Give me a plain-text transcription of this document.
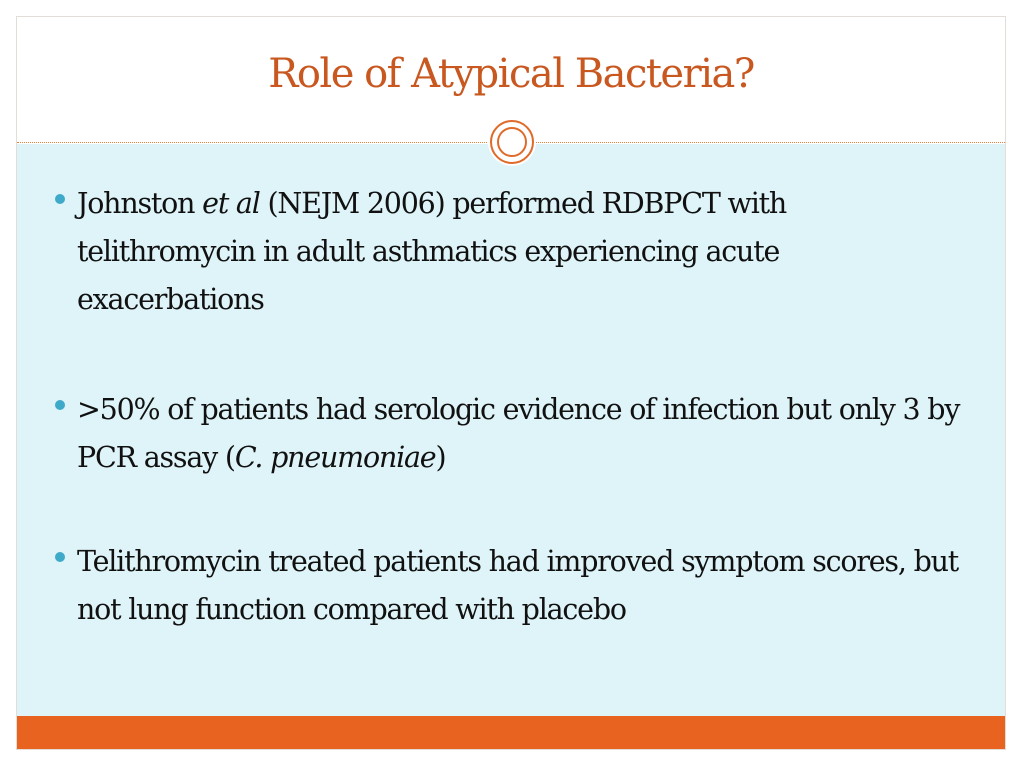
Role of Atypical Bacteria?
Johnston et al (NEJM 2006) performed RDBPCT with telithromycin in adult asthmatics experiencing acute exacerbations
>50% of patients had serologic evidence of infection but only 3 by PCR assay (C. pneumoniae)
Telithromycin treated patients had improved symptom scores, but not lung function compared with placebo
